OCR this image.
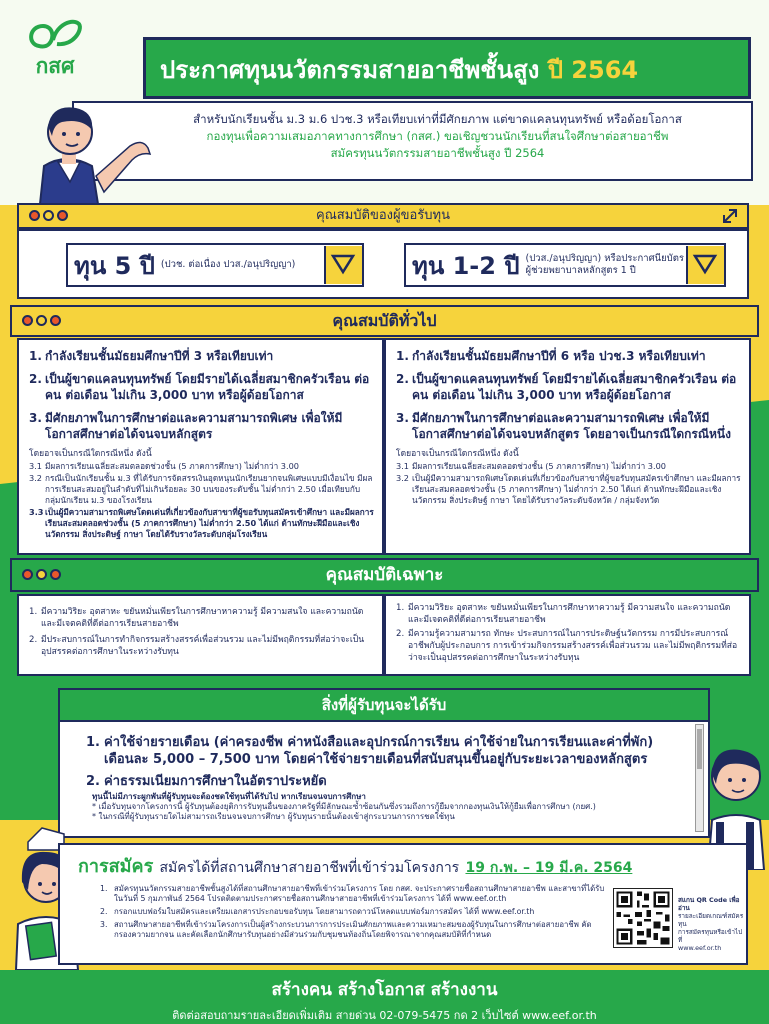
กสศ	ประกาศทุนนวัตกรรมสายอาชีพชั้นสูง ปี 2564
สำหรับนักเรียนชั้น ม.3 ม.6 ปวช.3 หรือเทียบเท่าที่มีศักยภาพ แต่ขาดแคลนทุนทรัพย์ หรือด้อยโอกาส
กองทุนเพื่อความเสมอภาคทางการศึกษา (กสศ.) ขอเชิญชวนนักเรียนที่สนใจศึกษาต่อสายอาชีพ
สมัครทุนนวัตกรรมสายอาชีพชั้นสูง ปี 2564
คุณสมบัติของผู้ขอรับทุน
ทุน 5 ปี (ปวช. ต่อเนื่อง ปวส./อนุปริญญา)	ทุน 1-2 ปี (ปวส./อนุปริญญา) หรือประกาศนียบัตร
ผู้ช่วยพยาบาลหลักสูตร 1 ปี
คุณสมบัติทั่วไป
1. กำลังเรียนชั้นมัธยมศึกษาปีที่ 3 หรือเทียบเท่า
2. เป็นผู้ขาดแคลนทุนทรัพย์ โดยมีรายได้เฉลี่ยสมาชิกครัวเรือน ต่อคน ต่อเดือน ไม่เกิน 3,000 บาท หรือผู้ด้อยโอกาส
3. มีศักยภาพในการศึกษาต่อและความสามารถพิเศษ เพื่อให้มีโอกาสศึกษาต่อได้จนจบหลักสูตร
โดยอาจเป็นกรณีใดกรณีหนึ่ง ดังนี้
3.1 มีผลการเรียนเฉลี่ยสะสมตลอดช่วงชั้น (5 ภาคการศึกษา) ไม่ต่ำกว่า 3.00
3.2 กรณีเป็นนักเรียนชั้น ม.3 ที่ได้รับการจัดสรรเงินอุดหนุนนักเรียนยากจนพิเศษแบบมีเงื่อนไข มีผลการเรียนสะสมอยู่ในลำดับที่ไม่เกินร้อยละ 30 บนของระดับชั้น ไม่ต่ำกว่า 2.50 เมื่อเทียบกับกลุ่มนักเรียน ม.3 ของโรงเรียน
3.3 เป็นผู้มีความสามารถพิเศษโดดเด่นที่เกี่ยวข้องกับสาขาที่ผู้ขอรับทุนสมัครเข้าศึกษา และมีผลการเรียนสะสมตลอดช่วงชั้น (5 ภาคการศึกษา) ไม่ต่ำกว่า 2.50 ได้แก่ ด้านทักษะฝีมือและเชิงนวัตกรรม สิ่งประดิษฐ์ กาษา โดยได้รับรางวัลระดับกลุ่มโรงเรียน
1. กำลังเรียนชั้นมัธยมศึกษาปีที่ 6 หรือ ปวช.3 หรือเทียบเท่า
2. เป็นผู้ขาดแคลนทุนทรัพย์ โดยมีรายได้เฉลี่ยสมาชิกครัวเรือน ต่อคน ต่อเดือน ไม่เกิน 3,000 บาท หรือผู้ด้อยโอกาส
3. มีศักยภาพในการศึกษาต่อและความสามารถพิเศษ เพื่อให้มีโอกาสศึกษาต่อได้จนจบหลักสูตร โดยอาจเป็นกรณีใดกรณีหนึ่ง
โดยอาจเป็นกรณีใดกรณีหนึ่ง ดังนี้
3.1 มีผลการเรียนเฉลี่ยสะสมตลอดช่วงชั้น (5 ภาคการศึกษา) ไม่ต่ำกว่า 3.00
3.2 เป็นผู้มีความสามารถพิเศษโดดเด่นที่เกี่ยวข้องกับสาขาที่ผู้ขอรับทุนสมัครเข้าศึกษา และมีผลการเรียนสะสมตลอดช่วงชั้น (5 ภาคการศึกษา) ไม่ต่ำกว่า 2.50 ได้แก่ ด้านทักษะฝีมือและเชิงนวัตกรรม สิ่งประดิษฐ์ กาษา โดยได้รับรางวัลระดับจังหวัด / กลุ่มจังหวัด
คุณสมบัติเฉพาะ
1. มีความวิริยะ อุตสาหะ ขยันหมั่นเพียรในการศึกษาหาความรู้ มีความสนใจ และความถนัดและมีเจตคติที่ดีต่อการเรียนสายอาชีพ
2. มีประสบการณ์ในการทำกิจกรรมสร้างสรรค์เพื่อส่วนรวม และไม่มีพฤติกรรมที่ส่อว่าจะเป็นอุปสรรคต่อการศึกษาในระหว่างรับทุน
1. มีความวิริยะ อุตสาหะ ขยันหมั่นเพียรในการศึกษาหาความรู้ มีความสนใจ และความถนัด และมีเจตคติที่ดีต่อการเรียนสายอาชีพ
2. มีความรู้ความสามารถ ทักษะ ประสบการณ์ในการประดิษฐ์นวัตกรรม การมีประสบการณ์อาชีพกับผู้ประกอบการ การเข้าร่วมกิจกรรมสร้างสรรค์เพื่อส่วนรวม และไม่มีพฤติกรรมที่ส่อว่าจะเป็นอุปสรรคต่อการศึกษาในระหว่างรับทุน
สิ่งที่ผู้รับทุนจะได้รับ
1. ค่าใช้จ่ายรายเดือน (ค่าครองชีพ ค่าหนังสือและอุปกรณ์การเรียน ค่าใช้จ่ายในการเรียนและค่าที่พัก) เดือนละ 5,000 – 7,500 บาท โดยค่าใช้จ่ายรายเดือนที่สนับสนุนขึ้นอยู่กับระยะเวลาของหลักสูตร
2. ค่าธรรมเนียมการศึกษาในอัตราประหยัด
ทุนนี้ไม่มีภาระผูกพันที่ผู้รับทุนจะต้องชดใช้ทุนที่ได้รับไป หากเรียนจนจบการศึกษา
* เมื่อรับทุนจากโครงการนี้ ผู้รับทุนต้องยุติการรับทุนอื่นของภาครัฐที่มีลักษณะซ้ำซ้อนกันซึ่งรวมถึงการกู้ยืมจากกองทุนเงินให้กู้ยืมเพื่อการศึกษา (กยศ.)
* ในกรณีที่ผู้รับทุนรายใดไม่สามารถเรียนจนจบการศึกษา ผู้รับทุนรายนั้นต้องเข้าสู่กระบวนการการชดใช้ทุน
การสมัคร สมัครได้ที่สถานศึกษาสายอาชีพที่เข้าร่วมโครงการ 19 ก.พ. – 19 มี.ค. 2564
1. สมัครทุนนวัตกรรมสายอาชีพชั้นสูงได้ที่สถานศึกษาสายอาชีพที่เข้าร่วมโครงการ โดย กสศ. จะประกาศรายชื่อสถานศึกษาสายอาชีพ และสาขาที่ได้รับในวันที่ 5 กุมภาพันธ์ 2564 โปรดติดตามประกาศรายชื่อสถานศึกษาสายอาชีพที่เข้าร่วมโครงการ ได้ที่ www.eef.or.th
2. กรอกแบบฟอร์มใบสมัครและเตรียมเอกสารประกอบขอรับทุน โดยสามารถดาวน์โหลดแบบฟอร์มการสมัคร ได้ที่ www.eef.or.th
3. สถานศึกษาสายอาชีพที่เข้าร่วมโครงการเป็นผู้สร้างกระบวนการการประเมินศักยภาพและความเหมาะสมของผู้รับทุนในการศึกษาต่อสายอาชีพ คัดกรองความยากจน และคัดเลือกนักศึกษารับทุนอย่างมีส่วนร่วมกับชุมชนท้องถิ่นโดยพิจารณาจากคุณสมบัติที่กำหนด
สแกน QR Code เพื่ออ่าน
รายละเอียดเกณฑ์สมัครทุน
การสมัครทุนหรือเข้าไปที่
www.eef.or.th
สร้างคน สร้างโอกาส สร้างงาน
ติดต่อสอบถามรายละเอียดเพิ่มเติม สายด่วน 02-079-5475 กด 2 เว็บไซต์ www.eef.or.th
